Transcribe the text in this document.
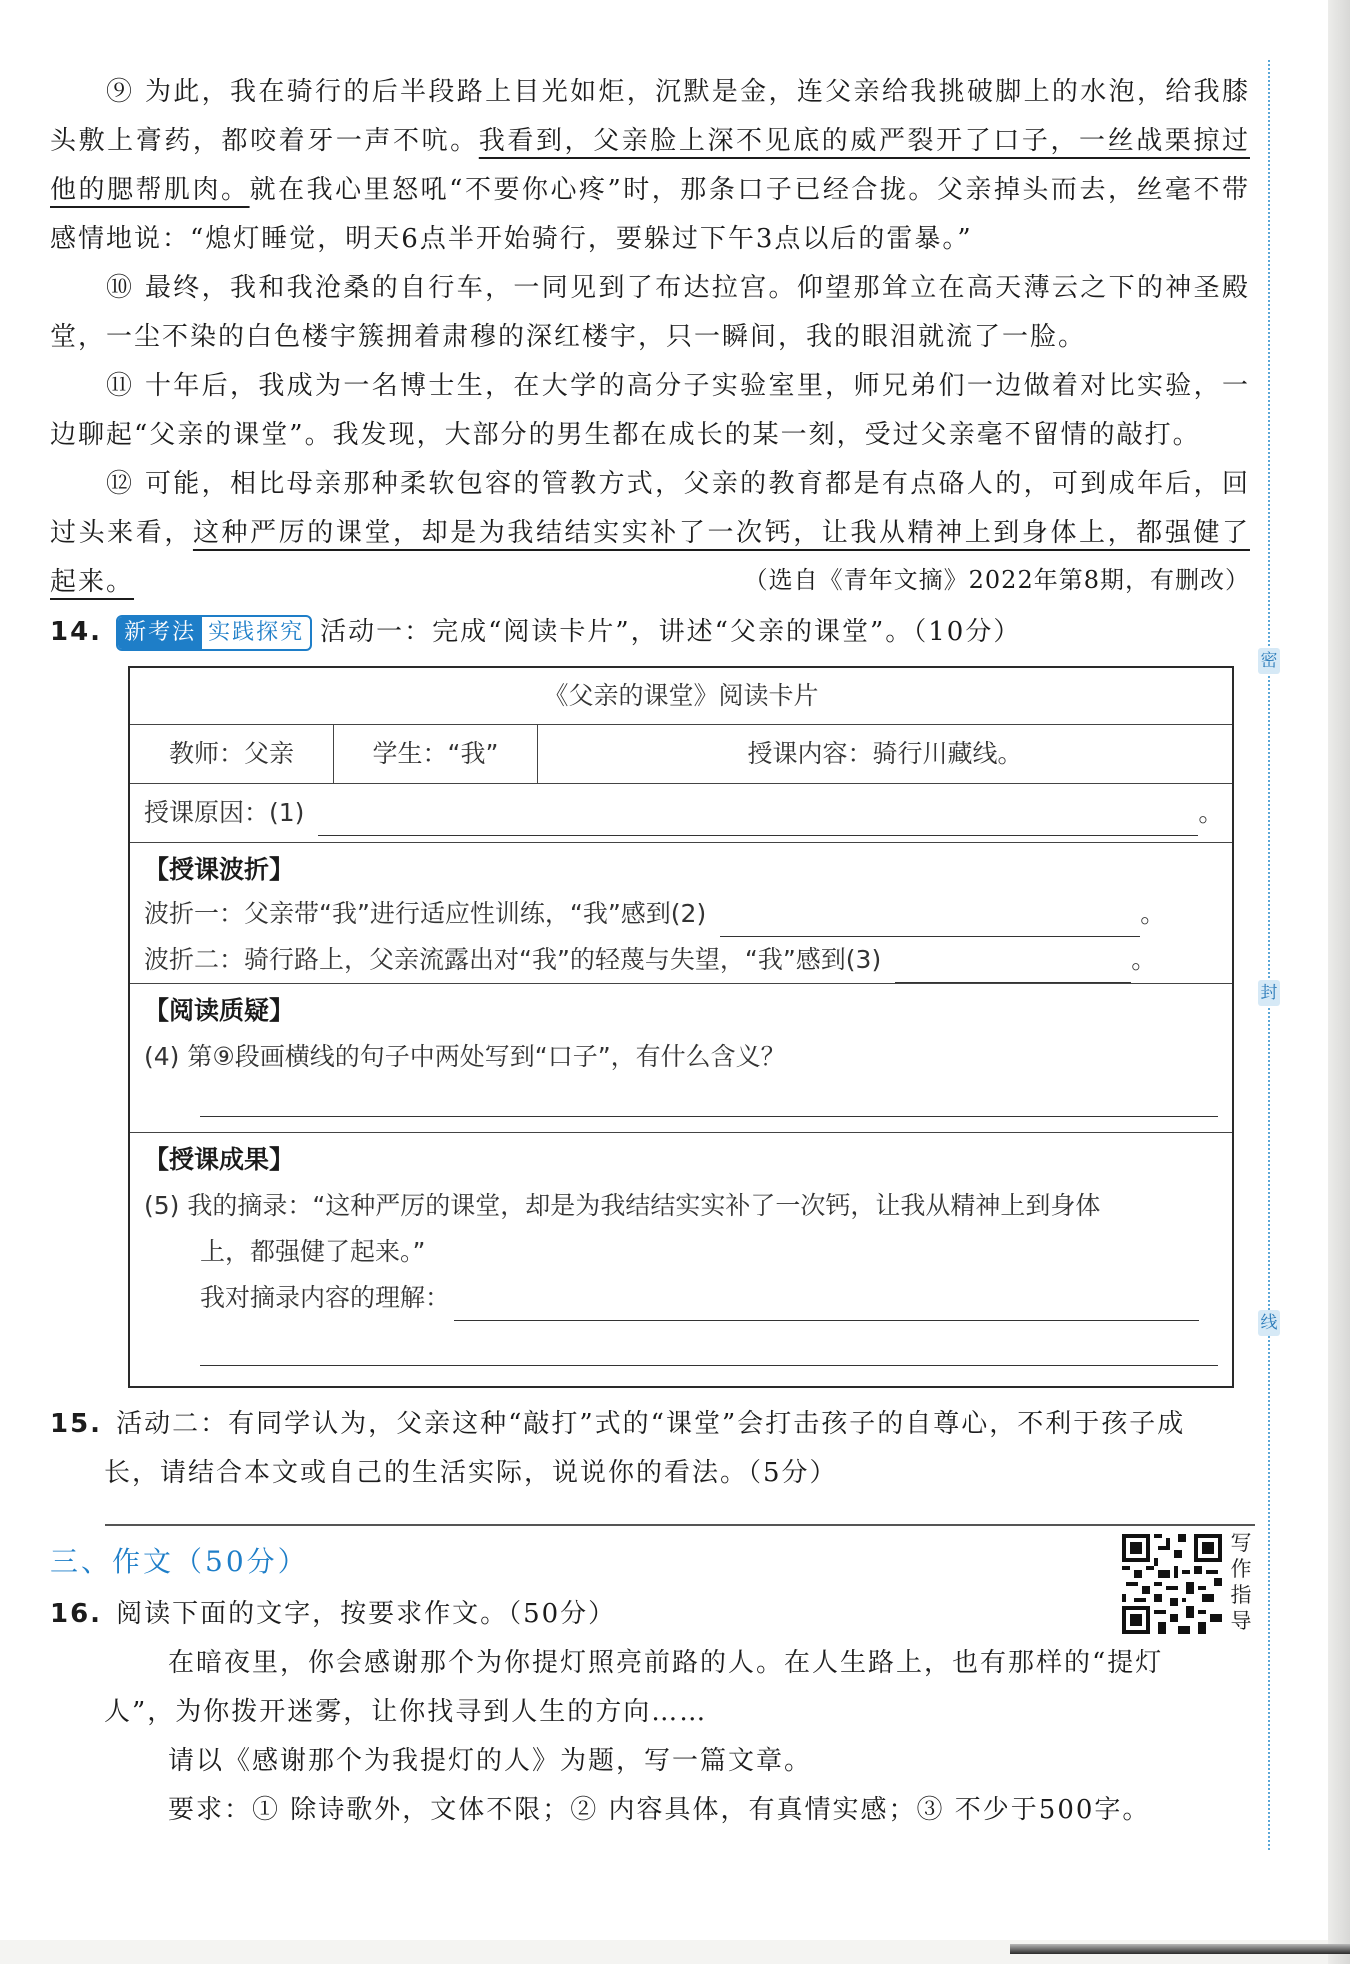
⑨ 为此，我在骑行的后半段路上目光如炬，沉默是金，连父亲给我挑破脚上的水泡，给我膝头敷上膏药，都咬着牙一声不吭。我看到，父亲脸上深不见底的威严裂开了口子，一丝战栗掠过他的腮帮肌肉。就在我心里怒吼“不要你心疼”时，那条口子已经合拢。父亲掉头而去，丝毫不带感情地说：“熄灯睡觉，明天6点半开始骑行，要躲过下午3点以后的雷暴。”

⑩ 最终，我和我沧桑的自行车，一同见到了布达拉宫。仰望那耸立在高天薄云之下的神圣殿堂，一尘不染的白色楼宇簇拥着肃穆的深红楼宇，只一瞬间，我的眼泪就流了一脸。

⑪ 十年后，我成为一名博士生，在大学的高分子实验室里，师兄弟们一边做着对比实验，一边聊起“父亲的课堂”。我发现，大部分的男生都在成长的某一刻，受过父亲毫不留情的敲打。

⑫ 可能，相比母亲那种柔软包容的管教方式，父亲的教育都是有点硌人的，可到成年后，回过头来看，这种严厉的课堂，却是为我结结实实补了一次钙，让我从精神上到身体上，都强健了起来。	（选自《青年文摘》2022年第8期，有删改）
14. 新考法 实践探究 活动一：完成“阅读卡片”，讲述“父亲的课堂”。（10分）
《父亲的课堂》阅读卡片
教师：父亲	学生：“我”	授课内容：骑行川藏线。
授课原因：(1)	。
【授课波折】
波折一：父亲带“我”进行适应性训练，“我”感到(2)	。
波折二：骑行路上，父亲流露出对“我”的轻蔑与失望，“我”感到(3)	。
【阅读质疑】
(4) 第⑨段画横线的句子中两处写到“口子”，有什么含义？
【授课成果】
(5) 我的摘录：“这种严厉的课堂，却是为我结结实实补了一次钙，让我从精神上到身体
上，都强健了起来。”
我对摘录内容的理解：
15. 活动二：有同学认为，父亲这种“敲打”式的“课堂”会打击孩子的自尊心，不利于孩子成
长，请结合本文或自己的生活实际，说说你的看法。（5分）
三、作文（50分）
写
作
指
导

16. 阅读下面的文字，按要求作文。（50分）

在暗夜里，你会感谢那个为你提灯照亮前路的人。在人生路上，也有那样的“提灯

人”，为你拨开迷雾，让你找寻到人生的方向……

请以《感谢那个为我提灯的人》为题，写一篇文章。

要求：① 除诗歌外，文体不限；② 内容具体，有真情实感；③ 不少于500字。

密
封
线
